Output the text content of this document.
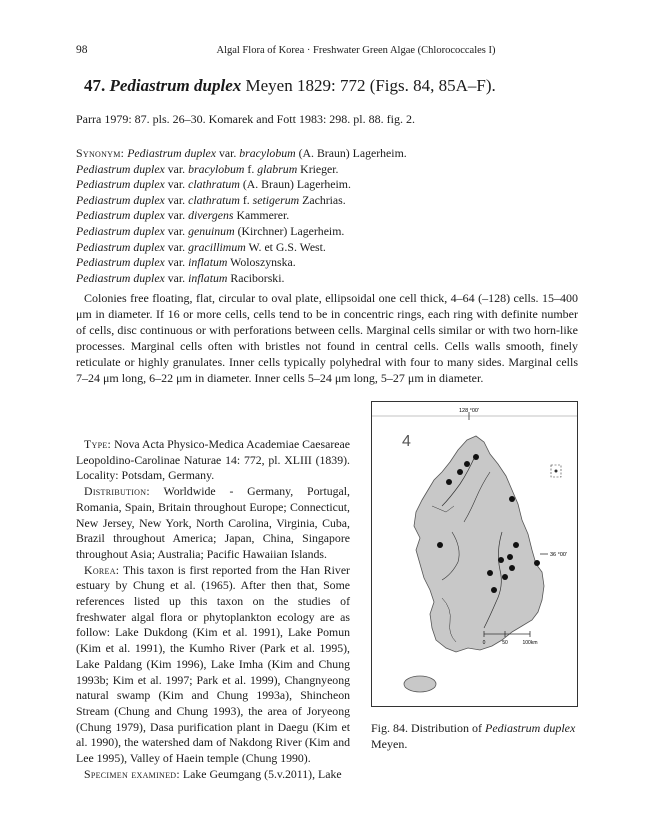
98	Algal Flora of Korea · Freshwater Green Algae (Chlorococcales I)
47. Pediastrum duplex Meyen 1829: 772 (Figs. 84, 85A–F).
Parra 1979: 87. pls. 26–30. Komarek and Fott 1983: 298. pl. 88. fig. 2.
Synonym: Pediastrum duplex var. bracylobum (A. Braun) Lagerheim.
Pediastrum duplex var. bracylobum f. glabrum Krieger.
Pediastrum duplex var. clathratum (A. Braun) Lagerheim.
Pediastrum duplex var. clathratum f. setigerum Zachrias.
Pediastrum duplex var. divergens Kammerer.
Pediastrum duplex var. genuinum (Kirchner) Lagerheim.
Pediastrum duplex var. gracillimum W. et G.S. West.
Pediastrum duplex var. inflatum Woloszynska.
Pediastrum duplex var. inflatum Raciborski.

Colonies free floating, flat, circular to oval plate, ellipsoidal one cell thick, 4–64 (–128) cells. 15–400 μm in diameter. If 16 or more cells, cells tend to be in concentric rings, each ring with definite number of cells, disc continuous or with perforations between cells. Marginal cells similar or with two horn-like processes. Marginal cells often with bristles not found in central cells. Cells walls smooth, finely reticulate or highly granulates. Inner cells typically polyhedral with four to many sides. Marginal cells 7–24 μm long, 6–22 μm in diameter. Inner cells 5–24 μm long, 5–27 μm in diameter.

Type: Nova Acta Physico-Medica Academiae Caesareae Leopoldino-Carolinae Naturae 14: 772, pl. XLIII (1839). Locality: Potsdam, Germany.

Distribution: Worldwide - Germany, Portugal, Romania, Spain, Britain throughout Europe; Connecticut, New Jersey, New York, North Carolina, Virginia, Cuba, Brazil throughout America; Japan, China, Singapore throughout Asia; Australia; Pacific Hawaiian Islands.

Korea: This taxon is first reported from the Han River estuary by Chung et al. (1965). After then that, Some references listed up this taxon on the studies of freshwater algal flora or phytoplankton ecology are as follow: Lake Dukdong (Kim et al. 1991), Lake Pomun (Kim et al. 1991), the Kumho River (Park et al. 1995), Lake Paldang (Kim 1996), Lake Imha (Kim and Chung 1993b; Kim et al. 1997; Park et al. 1999), Changnyeong natural swamp (Kim and Chung 1993a), Shincheon Stream (Chung and Chung 1993), the area of Joryeong (Chung 1979), Dasa purification plant in Daegu (Kim et al. 1990), the watershed dam of Nakdong River (Kim and Lee 1995), Valley of Haein temple (Chung 1990).

Specimen examined: Lake Geumgang (5.v.2011), Lake

128 °00'
4
36 °00'
0	50	100km
Fig. 84. Distribution of Pediastrum duplex Meyen.
